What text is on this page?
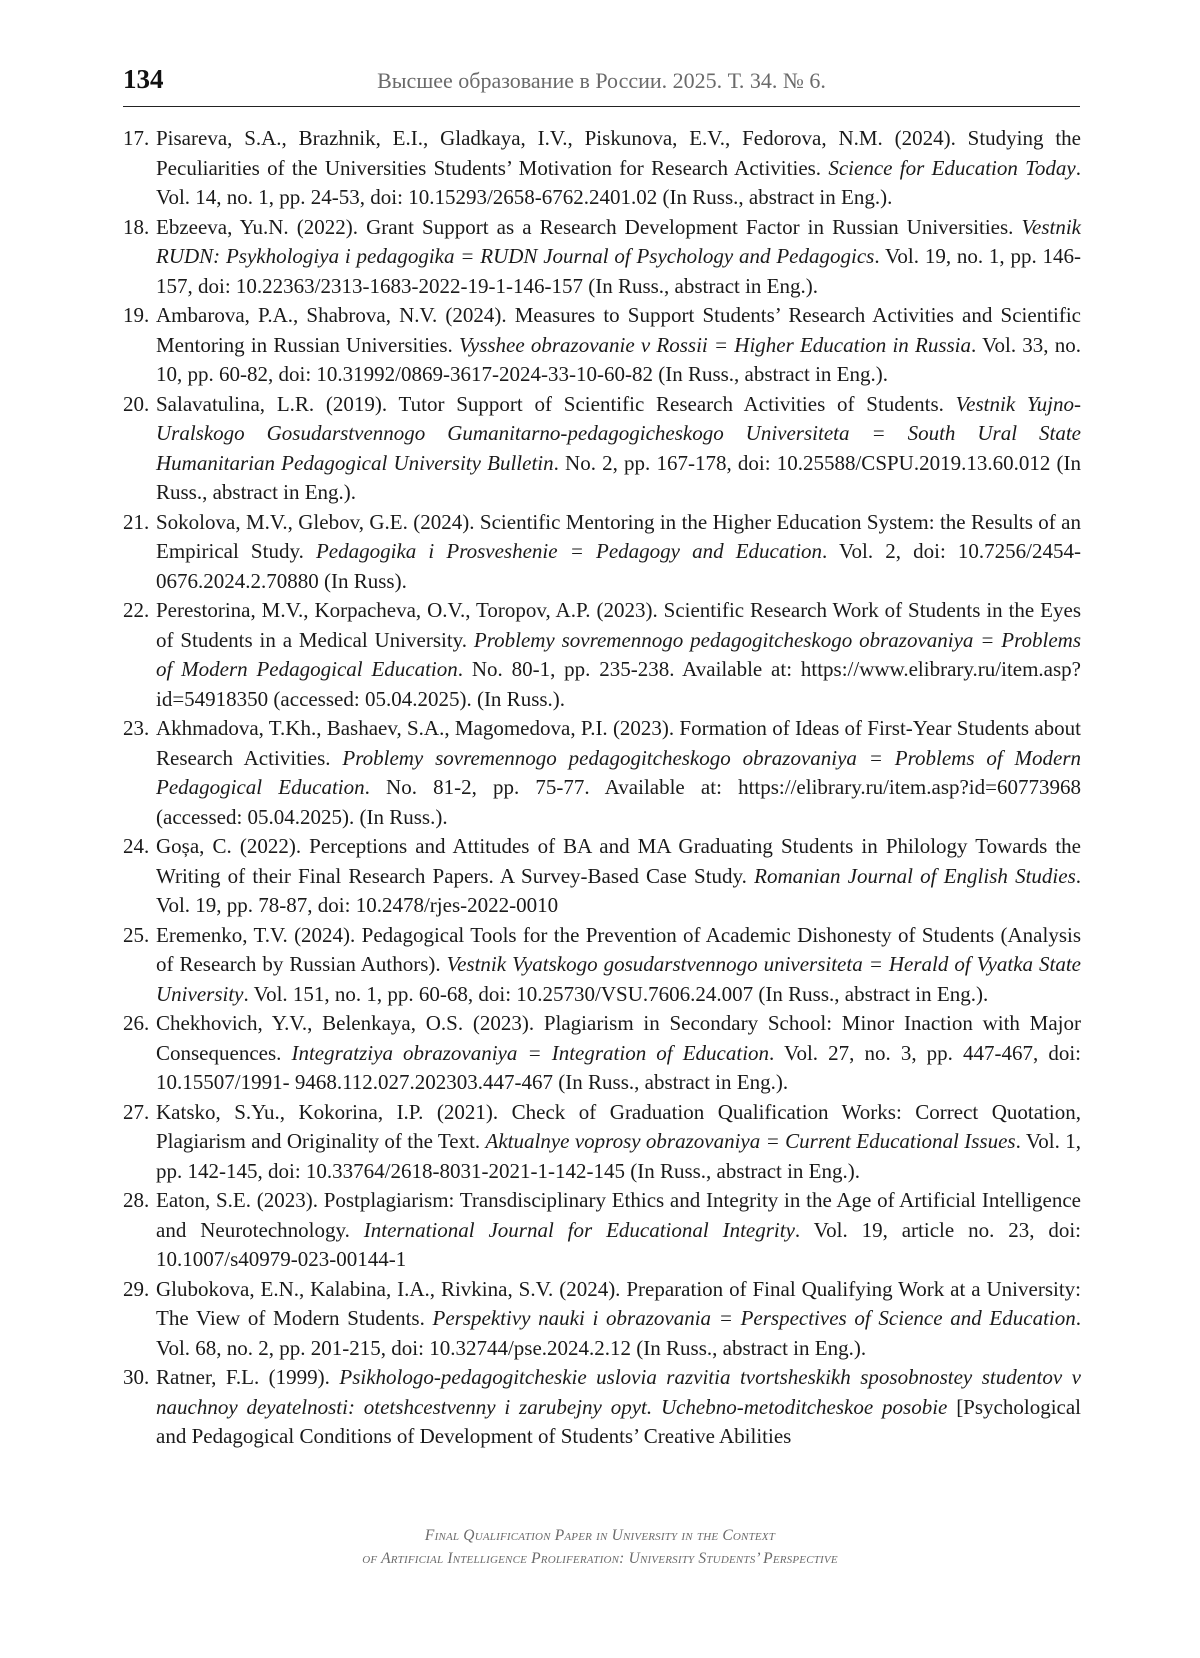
134	Высшее образование в России. 2025. Т. 34. № 6.
17. Pisareva, S.A., Brazhnik, E.I., Gladkaya, I.V., Piskunova, E.V., Fedorova, N.M. (2024). Studying the Peculiarities of the Universities Students’ Motivation for Research Activities. Science for Education Today. Vol. 14, no. 1, pp. 24-53, doi: 10.15293/2658-6762.2401.02 (In Russ., abstract in Eng.).
18. Ebzeeva, Yu.N. (2022). Grant Support as a Research Development Factor in Russian Universities. Vestnik RUDN: Psykhologiya i pedagogika = RUDN Journal of Psychology and Pedagogics. Vol. 19, no. 1, pp. 146-157, doi: 10.22363/2313-1683-2022-19-1-146-157 (In Russ., abstract in Eng.).
19. Ambarova, P.A., Shabrova, N.V. (2024). Measures to Support Students’ Research Activities and Scientific Mentoring in Russian Universities. Vysshee obrazovanie v Rossii = Higher Education in Russia. Vol. 33, no. 10, pp. 60-82, doi: 10.31992/0869-3617-2024-33-10-60-82 (In Russ., abstract in Eng.).
20. Salavatulina, L.R. (2019). Tutor Support of Scientific Research Activities of Students. Vestnik Yujno-Uralskogo Gosudarstvennogo Gumanitarno-pedagogicheskogo Universiteta = South Ural State Humanitarian Pedagogical University Bulletin. No. 2, pp. 167-178, doi: 10.25588/CSPU.2019.13.60.012 (In Russ., abstract in Eng.).
21. Sokolova, M.V., Glebov, G.E. (2024). Scientific Mentoring in the Higher Education System: the Results of an Empirical Study. Pedagogika i Prosveshenie = Pedagogy and Education. Vol. 2, doi: 10.7256/2454-0676.2024.2.70880 (In Russ).
22. Perestorina, M.V., Korpacheva, O.V., Toropov, A.P. (2023). Scientific Research Work of Students in the Eyes of Students in a Medical University. Problemy sovremennogo pedagogitcheskogo obrazovaniya = Problems of Modern Pedagogical Education. No. 80-1, pp. 235-238. Available at: https://www.elibrary.ru/item.asp?id=54918350 (accessed: 05.04.2025). (In Russ.).
23. Akhmadova, T.Kh., Bashaev, S.A., Magomedova, P.I. (2023). Formation of Ideas of First-Year Students about Research Activities. Problemy sovremennogo pedagogitcheskogo obrazovaniya = Problems of Modern Pedagogical Education. No. 81-2, pp. 75-77. Available at: https://elibrary.ru/item.asp?id=60773968 (accessed: 05.04.2025). (In Russ.).
24. Goșa, C. (2022). Perceptions and Attitudes of BA and MA Graduating Students in Philology Towards the Writing of their Final Research Papers. A Survey-Based Case Study. Romanian Journal of English Studies. Vol. 19, pp. 78-87, doi: 10.2478/rjes-2022-0010
25. Eremenko, T.V. (2024). Pedagogical Tools for the Prevention of Academic Dishonesty of Students (Analysis of Research by Russian Authors). Vestnik Vyatskogo gosudarstvennogo universiteta = Herald of Vyatka State University. Vol. 151, no. 1, pp. 60-68, doi: 10.25730/VSU.7606.24.007 (In Russ., abstract in Eng.).
26. Chekhovich, Y.V., Belenkaya, O.S. (2023). Plagiarism in Secondary School: Minor Inaction with Major Consequences. Integratziya obrazovaniya = Integration of Education. Vol. 27, no. 3, pp. 447-467, doi: 10.15507/1991- 9468.112.027.202303.447-467 (In Russ., abstract in Eng.).
27. Katsko, S.Yu., Kokorina, I.P. (2021). Check of Graduation Qualification Works: Correct Quotation, Plagiarism and Originality of the Text. Aktualnye voprosy obrazovaniya = Current Educational Issues. Vol. 1, pp. 142-145, doi: 10.33764/2618-8031-2021-1-142-145 (In Russ., abstract in Eng.).
28. Eaton, S.E. (2023). Postplagiarism: Transdisciplinary Ethics and Integrity in the Age of Artificial Intelligence and Neurotechnology. International Journal for Educational Integrity. Vol. 19, article no. 23, doi: 10.1007/s40979-023-00144-1
29. Glubokova, E.N., Kalabina, I.A., Rivkina, S.V. (2024). Preparation of Final Qualifying Work at a University: The View of Modern Students. Perspektivy nauki i obrazovania = Perspectives of Science and Education. Vol. 68, no. 2, pp. 201-215, doi: 10.32744/pse.2024.2.12 (In Russ., abstract in Eng.).
30. Ratner, F.L. (1999). Psikhologo-pedagogitcheskie uslovia razvitia tvortsheskikh sposobnostey studentov v nauchnoy deyatelnosti: otetshcestvenny i zarubejny opyt. Uchebno-metoditcheskoe posobie [Psychological and Pedagogical Conditions of Development of Students’ Creative Abilities
Final Qualification Paper in University in the Context
of Artificial Intelligence Proliferation: University Students’ Perspective
